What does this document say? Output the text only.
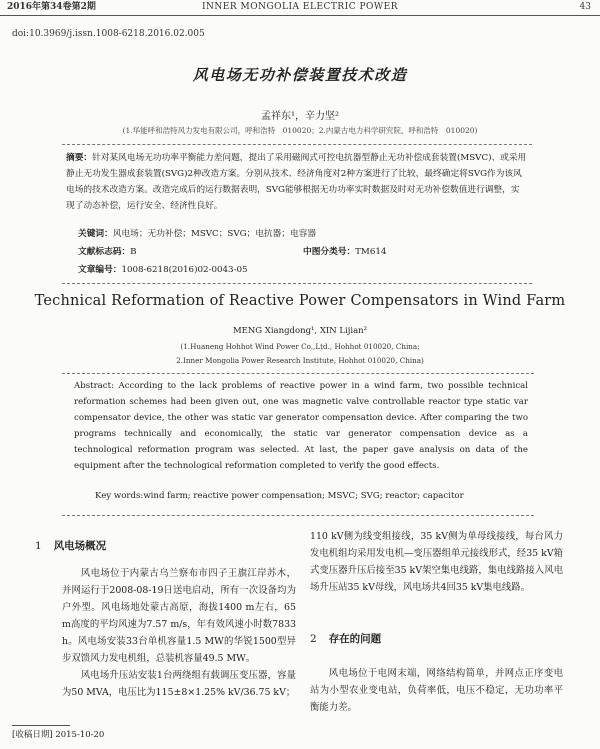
2016年第34卷第2期	INNER MONGOLIA ELECTRIC POWER	43
doi:10.3969/j.issn.1008-6218.2016.02.005
风电场无功补偿装置技术改造
孟祥东¹，辛力坚²
(1.华能呼和浩特风力发电有限公司，呼和浩特　010020；2.内蒙古电力科学研究院，呼和浩特　010020)
摘要：针对某风电场无功功率平衡能力差问题，提出了采用磁阀式可控电抗器型静止无功补偿成套装置(MSVC)、或采用静止无功发生器成套装置(SVG)2种改造方案。分别从技术、经济角度对2种方案进行了比较，最终确定将SVG作为该风电场的技术改造方案。改造完成后的运行数据表明，SVG能够根据无功功率实时数据及时对无功补偿数值进行调整，实现了动态补偿，运行安全、经济性良好。
关键词：风电场；无功补偿；MSVC；SVG；电抗器；电容器
文献标志码：B	中图分类号：TM614
文章编号：1008-6218(2016)02-0043-05
Technical Reformation of Reactive Power Compensators in Wind Farm
MENG Xiangdong¹, XIN Lijian²
(1.Huaneng Hohhot Wind Power Co.,Ltd., Hohhot 010020, China;
2.Inner Mongolia Power Research Institute, Hohhot 010020, China)
Abstract: According to the lack problems of reactive power in a wind farm, two possible technical reformation schemes had been given out, one was magnetic valve controllable reactor type static var compensator device, the other was static var generator compensation device. After comparing the two programs technically and economically, the static var generator compensation device as a technological reformation program was selected. At last, the paper gave analysis on data of the equipment after the technological reformation completed to verify the good effects.
Key words:wind farm; reactive power compensation; MSVC; SVG; reactor; capacitor
1 风电场概况

风电场位于内蒙古乌兰察布市四子王旗江岸苏木，并网运行于2008-08-19日送电启动，所有一次设备均为户外型。风电场地处蒙古高原，海拔1400 m左右，65 m高度的平均风速为7.57 m/s，年有效风速小时数7833 h。风电场安装33台单机容量1.5 MW的华锐1500型异步双馈风力发电机组，总装机容量49.5 MW。

风电场升压站安装1台两绕组有载调压变压器，容量为50 MVA，电压比为115±8×1.25% kV/36.75 kV；

110 kV侧为线变组接线，35 kV侧为单母线接线，每台风力发电机组均采用发电机—变压器组单元接线形式，经35 kV箱式变压器升压后接至35 kV架空集电线路，集电线路接入风电场升压站35 kV母线，风电场共4回35 kV集电线路。

2 存在的问题

风电场位于电网末端，网络结构简单，并网点正序变电站为小型农业变电站，负荷率低，电压不稳定，无功功率平衡能力差。

[收稿日期] 2015-10-20
